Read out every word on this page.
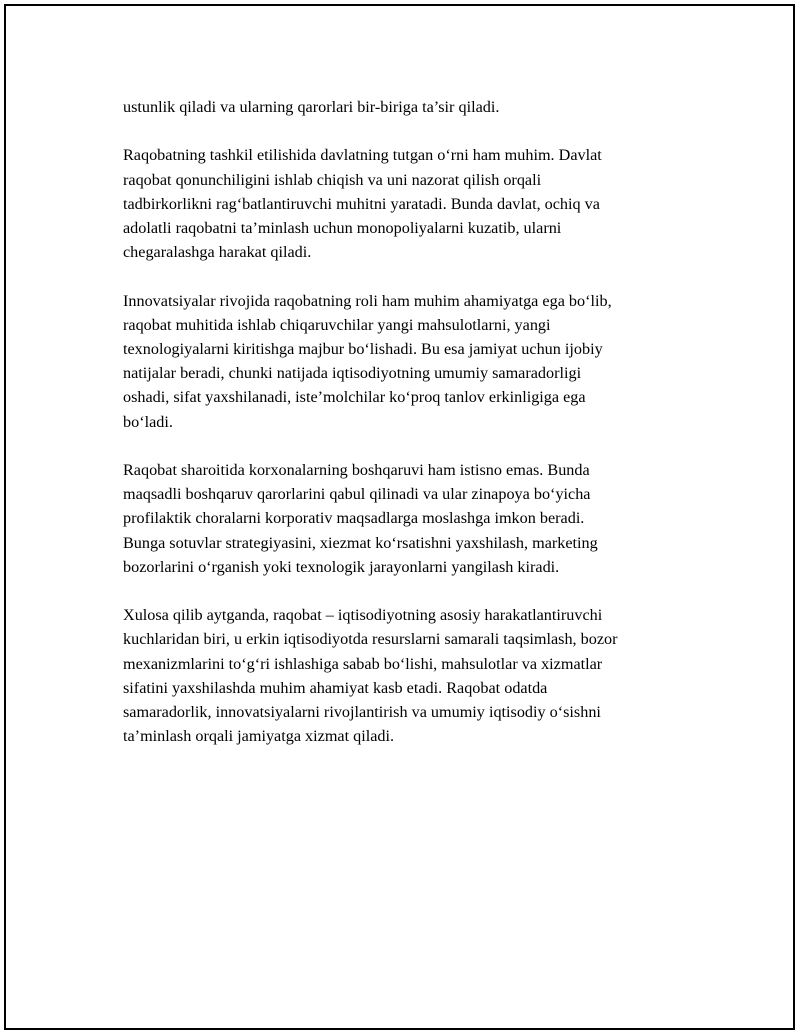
ustunlik qiladi va ularning qarorlari bir-biriga ta’sir qiladi.

Raqobatning tashkil etilishida davlatning tutgan o‘rni ham muhim. Davlat
raqobat qonunchiligini ishlab chiqish va uni nazorat qilish orqali
tadbirkorlikni rag‘batlantiruvchi muhitni yaratadi. Bunda davlat, ochiq va
adolatli raqobatni ta’minlash uchun monopoliyalarni kuzatib, ularni
chegaralashga harakat qiladi.

Innovatsiyalar rivojida raqobatning roli ham muhim ahamiyatga ega bo‘lib,
raqobat muhitida ishlab chiqaruvchilar yangi mahsulotlarni, yangi
texnologiyalarni kiritishga majbur bo‘lishadi. Bu esa jamiyat uchun ijobiy
natijalar beradi, chunki natijada iqtisodiyotning umumiy samaradorligi
oshadi, sifat yaxshilanadi, iste’molchilar ko‘proq tanlov erkinligiga ega
bo‘ladi.

Raqobat sharoitida korxonalarning boshqaruvi ham istisno emas. Bunda
maqsadli boshqaruv qarorlarini qabul qilinadi va ular zinapoya bo‘yicha
profilaktik choralarni korporativ maqsadlarga moslashga imkon beradi.
Bunga sotuvlar strategiyasini, xiezmat ko‘rsatishni yaxshilash, marketing
bozorlarini o‘rganish yoki texnologik jarayonlarni yangilash kiradi.

Xulosa qilib aytganda, raqobat – iqtisodiyotning asosiy harakatlantiruvchi
kuchlaridan biri, u erkin iqtisodiyotda resurslarni samarali taqsimlash, bozor
mexanizmlarini to‘g‘ri ishlashiga sabab bo‘lishi, mahsulotlar va xizmatlar
sifatini yaxshilashda muhim ahamiyat kasb etadi. Raqobat odatda
samaradorlik, innovatsiyalarni rivojlantirish va umumiy iqtisodiy o‘sishni
ta’minlash orqali jamiyatga xizmat qiladi.
